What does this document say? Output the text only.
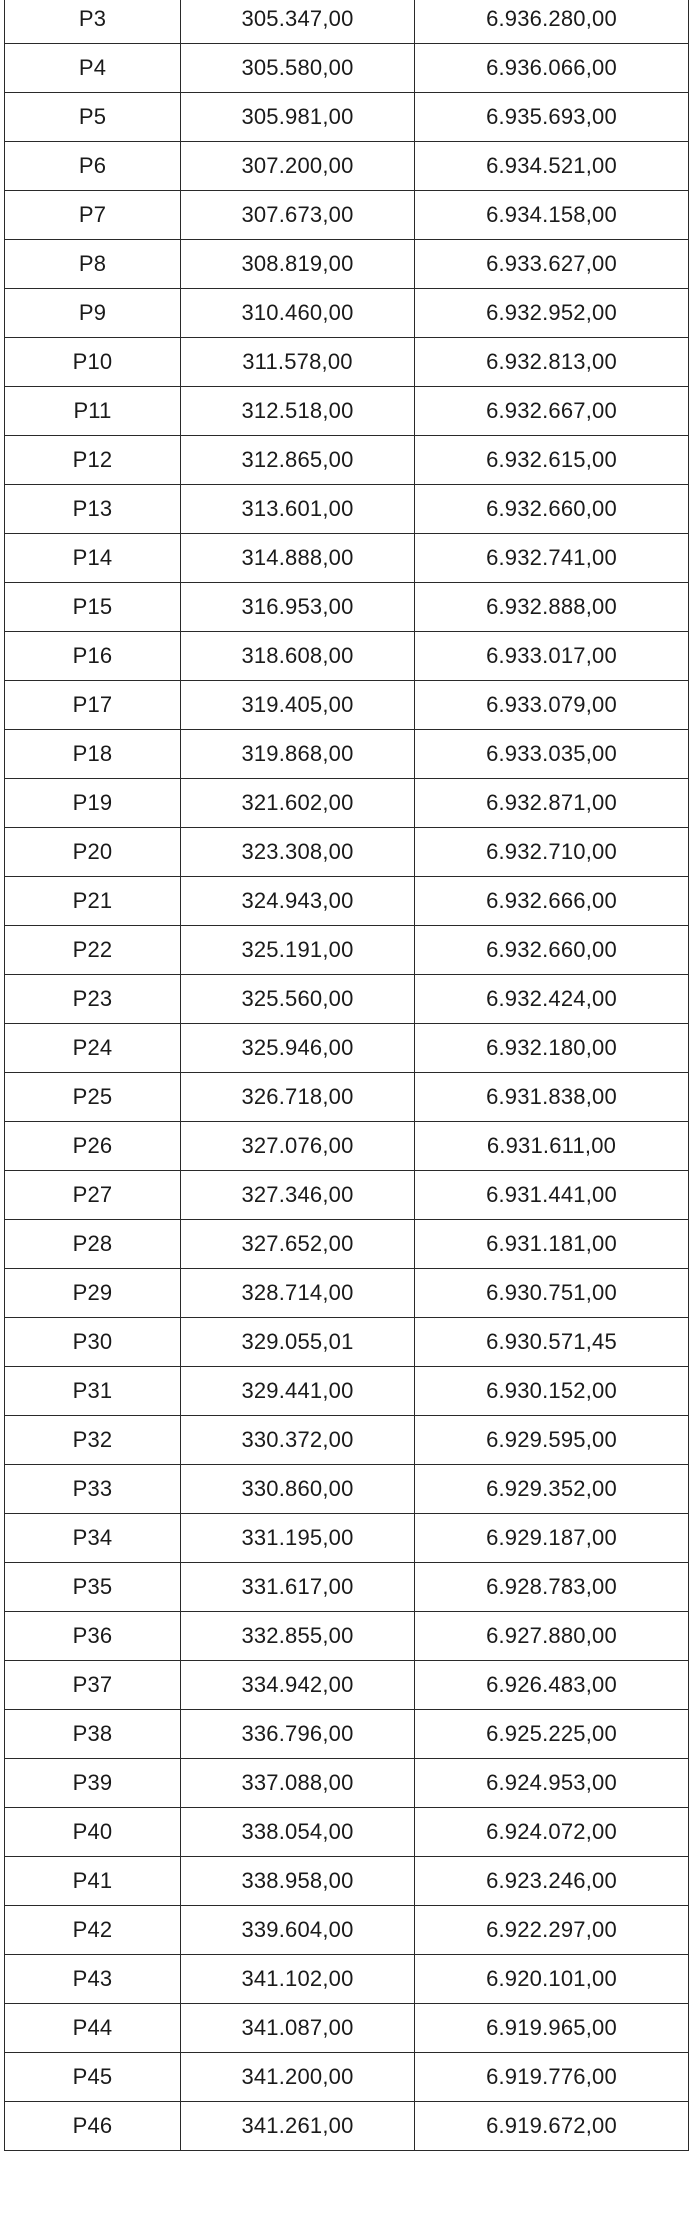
P3	305.347,00	6.936.280,00
P4	305.580,00	6.936.066,00
P5	305.981,00	6.935.693,00
P6	307.200,00	6.934.521,00
P7	307.673,00	6.934.158,00
P8	308.819,00	6.933.627,00
P9	310.460,00	6.932.952,00
P10	311.578,00	6.932.813,00
P11	312.518,00	6.932.667,00
P12	312.865,00	6.932.615,00
P13	313.601,00	6.932.660,00
P14	314.888,00	6.932.741,00
P15	316.953,00	6.932.888,00
P16	318.608,00	6.933.017,00
P17	319.405,00	6.933.079,00
P18	319.868,00	6.933.035,00
P19	321.602,00	6.932.871,00
P20	323.308,00	6.932.710,00
P21	324.943,00	6.932.666,00
P22	325.191,00	6.932.660,00
P23	325.560,00	6.932.424,00
P24	325.946,00	6.932.180,00
P25	326.718,00	6.931.838,00
P26	327.076,00	6.931.611,00
P27	327.346,00	6.931.441,00
P28	327.652,00	6.931.181,00
P29	328.714,00	6.930.751,00
P30	329.055,01	6.930.571,45
P31	329.441,00	6.930.152,00
P32	330.372,00	6.929.595,00
P33	330.860,00	6.929.352,00
P34	331.195,00	6.929.187,00
P35	331.617,00	6.928.783,00
P36	332.855,00	6.927.880,00
P37	334.942,00	6.926.483,00
P38	336.796,00	6.925.225,00
P39	337.088,00	6.924.953,00
P40	338.054,00	6.924.072,00
P41	338.958,00	6.923.246,00
P42	339.604,00	6.922.297,00
P43	341.102,00	6.920.101,00
P44	341.087,00	6.919.965,00
P45	341.200,00	6.919.776,00
P46	341.261,00	6.919.672,00
